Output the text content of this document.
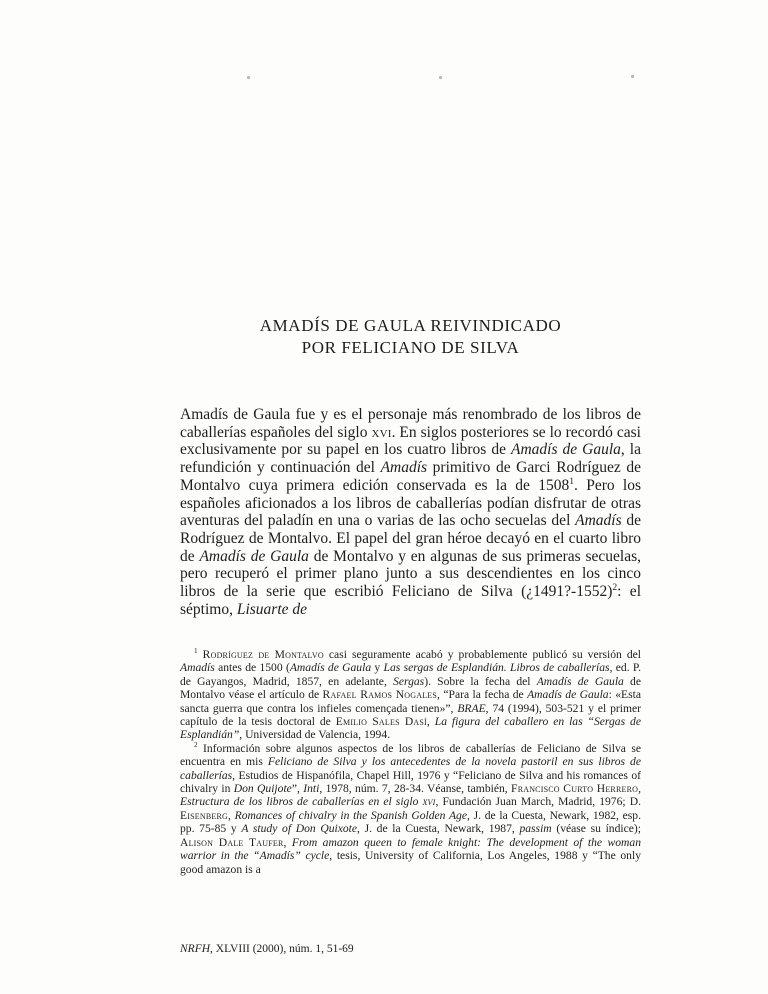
AMADÍS DE GAULA REIVINDICADO
POR FELICIANO DE SILVA
Amadís de Gaula fue y es el personaje más renombrado de los libros de caballerías españoles del siglo xvi. En siglos posteriores se lo recordó casi exclusivamente por su papel en los cuatro libros de Amadís de Gaula, la refundición y continuación del Amadís primitivo de Garci Rodríguez de Montalvo cuya primera edición conservada es la de 1508$^1$. Pero los españoles aficionados a los libros de caballerías podían disfrutar de otras aventuras del paladín en una o varias de las ocho secuelas del Amadís de Rodríguez de Montalvo. El papel del gran héroe decayó en el cuarto libro de Amadís de Gaula de Montalvo y en algunas de sus primeras secuelas, pero recuperó el primer plano junto a sus descendientes en los cinco libros de la serie que escribió Feliciano de Silva (¿1491?-1552)$^2$: el séptimo, Lisuarte de

$^1$ Rodríguez de Montalvo casi seguramente acabó y probablemente publicó su versión del Amadís antes de 1500 (Amadís de Gaula y Las sergas de Esplandián. Libros de caballerías, ed. P. de Gayangos, Madrid, 1857, en adelante, Sergas). Sobre la fecha del Amadís de Gaula de Montalvo véase el artículo de Rafael Ramos Nogales, “Para la fecha de Amadís de Gaula: «Esta sancta guerra que contra los infieles començada tienen»”, BRAE, 74 (1994), 503-521 y el primer capítulo de la tesis doctoral de Emilio Sales Dasí, La figura del caballero en las “Sergas de Esplandián”, Universidad de Valencia, 1994.

$^2$ Información sobre algunos aspectos de los libros de caballerías de Feliciano de Silva se encuentra en mis Feliciano de Silva y los antecedentes de la novela pastoril en sus libros de caballerías, Estudios de Hispanófila, Chapel Hill, 1976 y “Feliciano de Silva and his romances of chivalry in Don Quijote”, Inti, 1978, núm. 7, 28-34. Véanse, también, Francisco Curto Herrero, Estructura de los libros de caballerías en el siglo xvi, Fundación Juan March, Madrid, 1976; D. Eisenberg, Romances of chivalry in the Spanish Golden Age, J. de la Cuesta, Newark, 1982, esp. pp. 75-85 y A study of Don Quixote, J. de la Cuesta, Newark, 1987, passim (véase su índice); Alison Dale Taufer, From amazon queen to female knight: The development of the woman warrior in the “Amadís” cycle, tesis, University of California, Los Angeles, 1988 y “The only good amazon is a

NRFH, XLVIII (2000), núm. 1, 51-69
